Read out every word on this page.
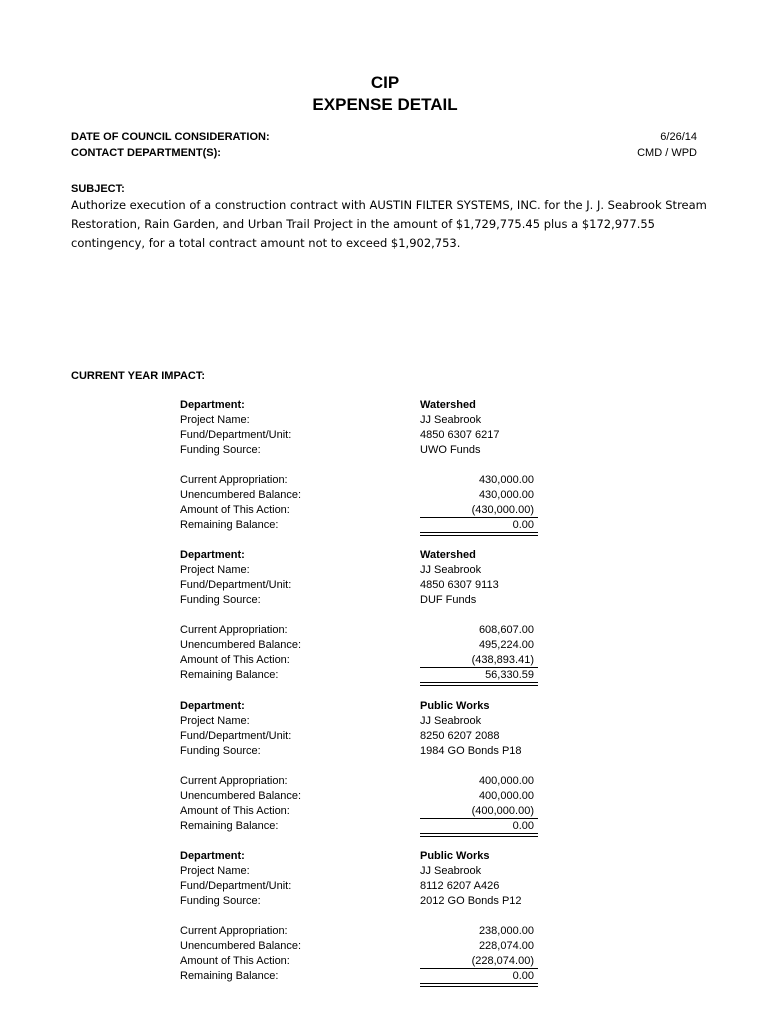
CIP
EXPENSE DETAIL
DATE OF COUNCIL CONSIDERATION:	6/26/14
CONTACT DEPARTMENT(S):	CMD / WPD
SUBJECT:
Authorize execution of a construction contract with AUSTIN FILTER SYSTEMS, INC. for the J. J. Seabrook Stream Restoration, Rain Garden, and Urban Trail Project in the amount of $1,729,775.45 plus a $172,977.55 contingency, for a total contract amount not to exceed $1,902,753.
CURRENT YEAR IMPACT:
Department:	Watershed
Project Name:	JJ Seabrook
Fund/Department/Unit:	4850 6307 6217
Funding Source:	UWO Funds
Current Appropriation:	430,000.00
Unencumbered Balance:	430,000.00
Amount of This Action:	(430,000.00)
Remaining Balance:	0.00
Department:	Watershed
Project Name:	JJ Seabrook
Fund/Department/Unit:	4850 6307 9113
Funding Source:	DUF Funds
Current Appropriation:	608,607.00
Unencumbered Balance:	495,224.00
Amount of This Action:	(438,893.41)
Remaining Balance:	56,330.59
Department:	Public Works
Project Name:	JJ Seabrook
Fund/Department/Unit:	8250 6207 2088
Funding Source:	1984 GO Bonds P18
Current Appropriation:	400,000.00
Unencumbered Balance:	400,000.00
Amount of This Action:	(400,000.00)
Remaining Balance:	0.00
Department:	Public Works
Project Name:	JJ Seabrook
Fund/Department/Unit:	8112 6207 A426
Funding Source:	2012 GO Bonds P12
Current Appropriation:	238,000.00
Unencumbered Balance:	228,074.00
Amount of This Action:	(228,074.00)
Remaining Balance:	0.00
